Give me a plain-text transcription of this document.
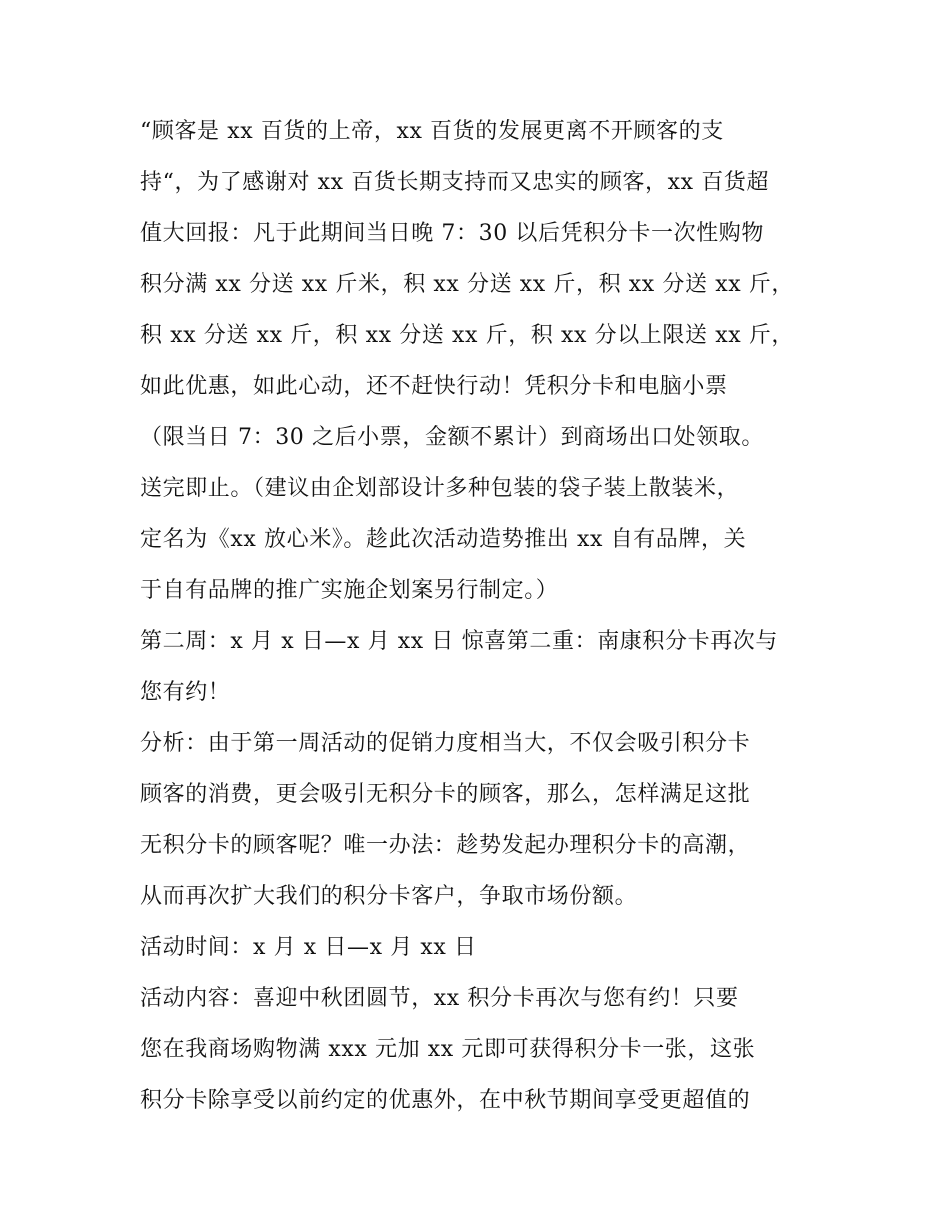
“顾客是 xx 百货的上帝，xx 百货的发展更离不开顾客的支
持“，为了感谢对 xx 百货长期支持而又忠实的顾客，xx 百货超
值大回报：凡于此期间当日晚 7：30 以后凭积分卡一次性购物
积分满 xx 分送 xx 斤米，积 xx 分送 xx 斤，积 xx 分送 xx 斤，
积 xx 分送 xx 斤，积 xx 分送 xx 斤，积 xx 分以上限送 xx 斤，
如此优惠，如此心动，还不赶快行动！凭积分卡和电脑小票
（限当日 7：30 之后小票，金额不累计）到商场出口处领取。
送完即止。（建议由企划部设计多种包装的袋子装上散装米，
定名为《xx 放心米》。趁此次活动造势推出 xx 自有品牌，关
于自有品牌的推广实施企划案另行制定。）
第二周：x 月 x 日—x 月 xx 日 惊喜第二重：南康积分卡再次与
您有约！
分析：由于第一周活动的促销力度相当大，不仅会吸引积分卡
顾客的消费，更会吸引无积分卡的顾客，那么，怎样满足这批
无积分卡的顾客呢？唯一办法：趁势发起办理积分卡的高潮，
从而再次扩大我们的积分卡客户，争取市场份额。
活动时间：x 月 x 日—x 月 xx 日
活动内容：喜迎中秋团圆节，xx 积分卡再次与您有约！只要
您在我商场购物满 xxx 元加 xx 元即可获得积分卡一张，这张
积分卡除享受以前约定的优惠外，在中秋节期间享受更超值的
